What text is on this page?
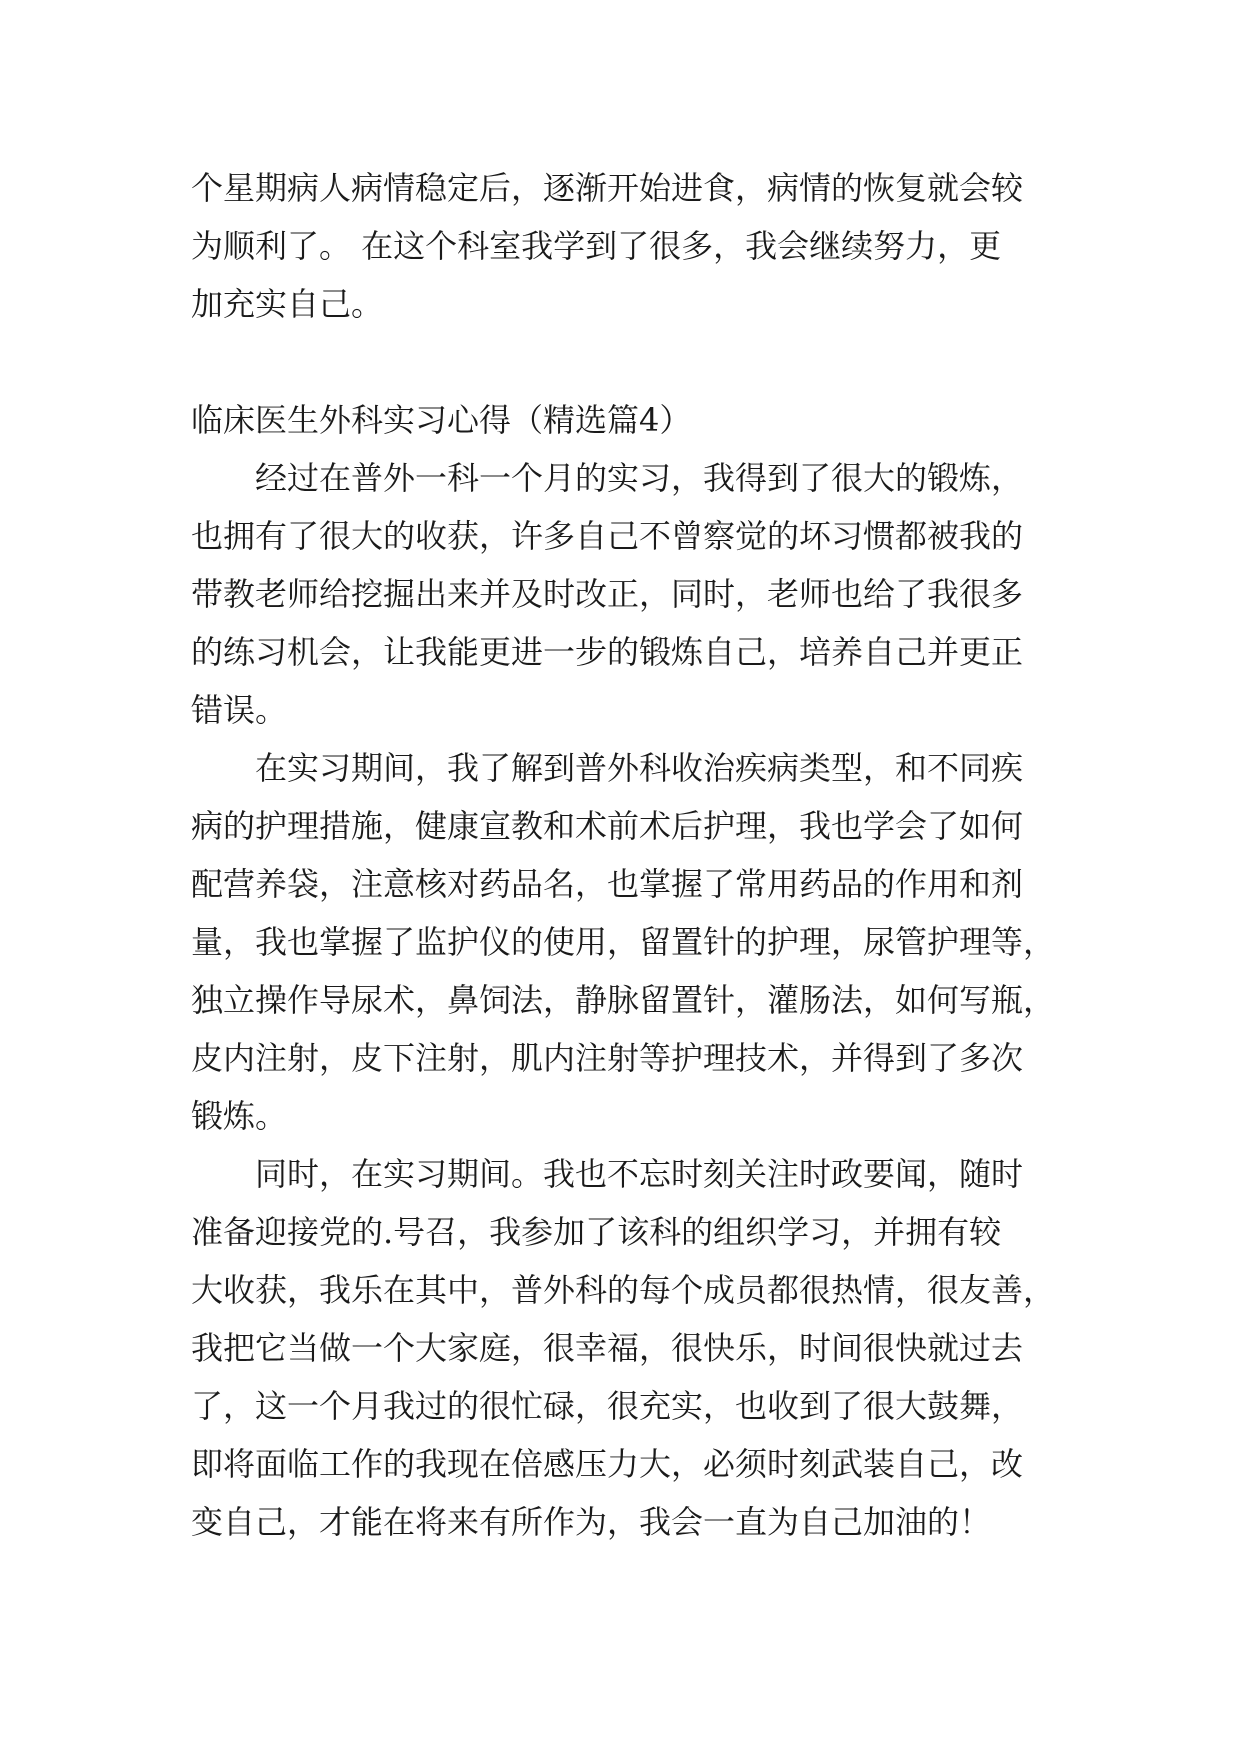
个星期病人病情稳定后，逐渐开始进食，病情的恢复就会较
为顺利了。 在这个科室我学到了很多，我会继续努力，更
加充实自己。
临床医生外科实习心得（精选篇4）
经过在普外一科一个月的实习，我得到了很大的锻炼，
也拥有了很大的收获，许多自己不曾察觉的坏习惯都被我的
带教老师给挖掘出来并及时改正，同时，老师也给了我很多
的练习机会，让我能更进一步的锻炼自己，培养自己并更正
错误。
在实习期间，我了解到普外科收治疾病类型，和不同疾
病的护理措施，健康宣教和术前术后护理，我也学会了如何
配营养袋，注意核对药品名，也掌握了常用药品的作用和剂
量，我也掌握了监护仪的使用，留置针的护理，尿管护理等，
独立操作导尿术，鼻饲法，静脉留置针，灌肠法，如何写瓶，
皮内注射，皮下注射，肌内注射等护理技术，并得到了多次
锻炼。
同时，在实习期间。我也不忘时刻关注时政要闻，随时
准备迎接党的.号召，我参加了该科的组织学习，并拥有较
大收获，我乐在其中，普外科的每个成员都很热情，很友善，
我把它当做一个大家庭，很幸福，很快乐，时间很快就过去
了，这一个月我过的很忙碌，很充实，也收到了很大鼓舞，
即将面临工作的我现在倍感压力大，必须时刻武装自己，改
变自己，才能在将来有所作为，我会一直为自己加油的！
